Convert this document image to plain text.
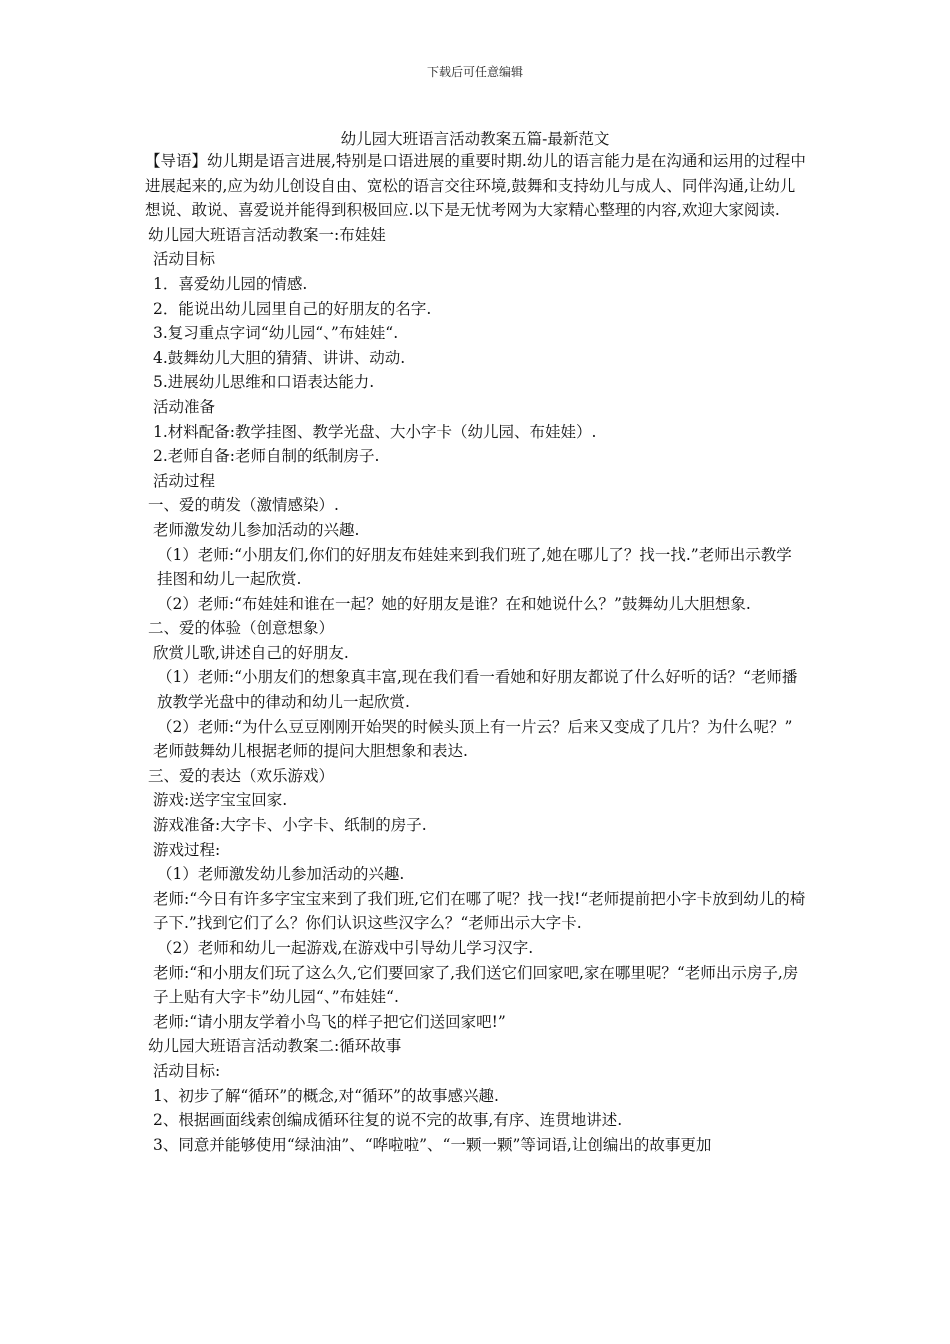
下载后可任意编辑
幼儿园大班语言活动教案五篇-最新范文

【导语】幼儿期是语言进展,特别是口语进展的重要时期.幼儿的语言能力是在沟通和运用的过程中进展起来的,应为幼儿创设自由、宽松的语言交往环境,鼓舞和支持幼儿与成人、同伴沟通,让幼儿想说、敢说、喜爱说并能得到积极回应.以下是无忧考网为大家精心整理的内容,欢迎大家阅读.

幼儿园大班语言活动教案一:布娃娃

活动目标

1．喜爱幼儿园的情感.

2．能说出幼儿园里自己的好朋友的名字.

3.复习重点字词“幼儿园“、”布娃娃“.

4.鼓舞幼儿大胆的猜猜、讲讲、动动.

5.进展幼儿思维和口语表达能力.

活动准备

1.材料配备:教学挂图、教学光盘、大小字卡（幼儿园、布娃娃）.

2.老师自备:老师自制的纸制房子.

活动过程

一、爱的萌发（激情感染）.

老师激发幼儿参加活动的兴趣.

（1）老师:“小朋友们,你们的好朋友布娃娃来到我们班了,她在哪儿了？找一找.”老师出示教学挂图和幼儿一起欣赏.

（2）老师:“布娃娃和谁在一起？她的好朋友是谁？在和她说什么？”鼓舞幼儿大胆想象.

二、爱的体验（创意想象）

欣赏儿歌,讲述自己的好朋友.

（1）老师:“小朋友们的想象真丰富,现在我们看一看她和好朋友都说了什么好听的话？“老师播放教学光盘中的律动和幼儿一起欣赏.

（2）老师:“为什么豆豆刚刚开始哭的时候头顶上有一片云？后来又变成了几片？为什么呢？”

老师鼓舞幼儿根据老师的提问大胆想象和表达.

三、爱的表达（欢乐游戏）

游戏:送字宝宝回家.

游戏准备:大字卡、小字卡、纸制的房子.

游戏过程:

（1）老师激发幼儿参加活动的兴趣.

老师:“今日有许多字宝宝来到了我们班,它们在哪了呢？找一找!“老师提前把小字卡放到幼儿的椅子下.”找到它们了么？你们认识这些汉字么？“老师出示大字卡.

（2）老师和幼儿一起游戏,在游戏中引导幼儿学习汉字.

老师:“和小朋友们玩了这么久,它们要回家了,我们送它们回家吧,家在哪里呢？“老师出示房子,房子上贴有大字卡”幼儿园“、”布娃娃“.

老师:“请小朋友学着小鸟飞的样子把它们送回家吧!”

幼儿园大班语言活动教案二:循环故事

活动目标:

1、初步了解“循环”的概念,对“循环”的故事感兴趣.

2、根据画面线索创编成循环往复的说不完的故事,有序、连贯地讲述.

3、同意并能够使用“绿油油”、“哗啦啦”、“一颗一颗”等词语,让创编出的故事更加
